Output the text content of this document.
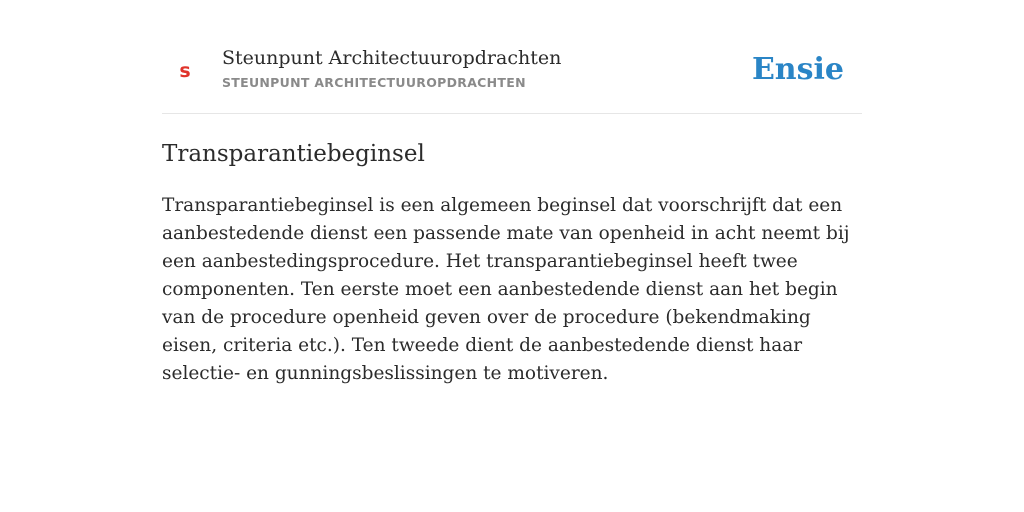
s
Steunpunt Architectuuropdrachten
STEUNPUNT ARCHITECTUUROPDRACHTEN	Ensie
Transparantiebeginsel

Transparantiebeginsel is een algemeen beginsel dat voorschrijft dat een aanbestedende dienst een passende mate van openheid in acht neemt bij een aanbestedingsprocedure. Het transparantiebeginsel heeft twee componenten. Ten eerste moet een aanbestedende dienst aan het begin van de procedure openheid geven over de procedure (bekendmaking eisen, criteria etc.). Ten tweede dient de aanbestedende dienst haar selectie- en gunningsbeslissingen te motiveren.
